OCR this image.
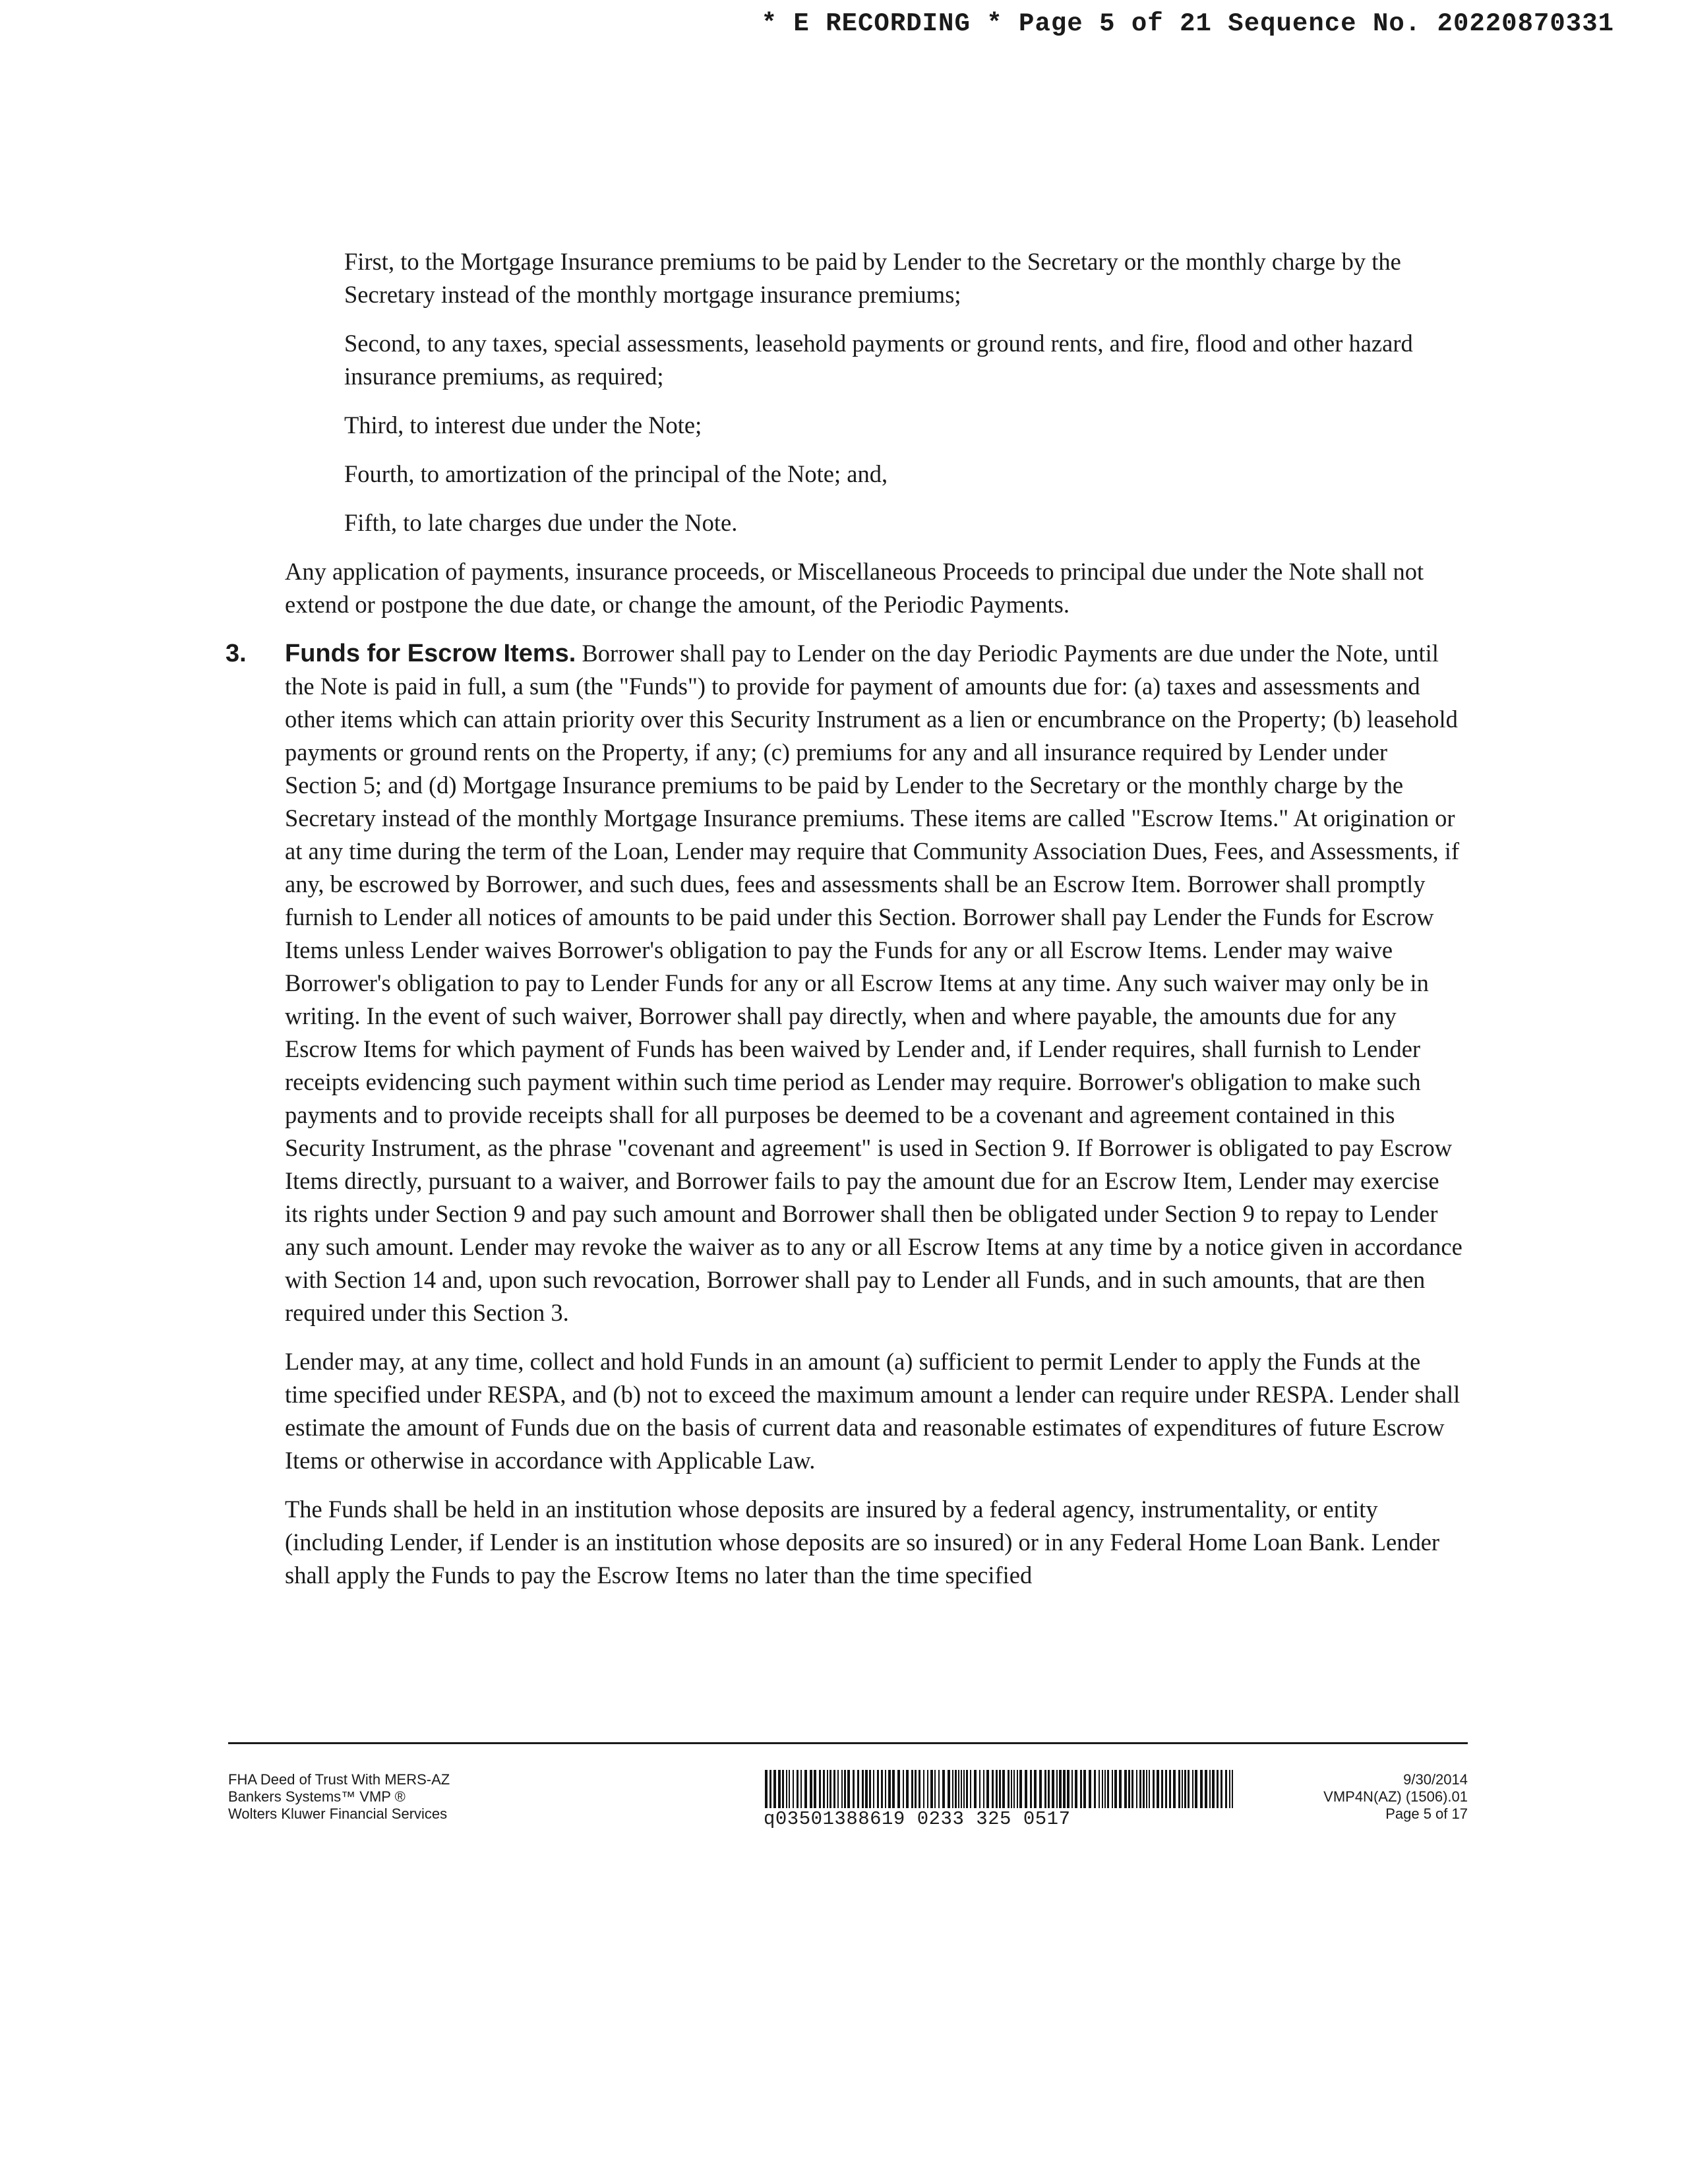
* E RECORDING * Page 5 of 21 Sequence No. 20220870331

First, to the Mortgage Insurance premiums to be paid by Lender to the Secretary or the monthly charge by the Secretary instead of the monthly mortgage insurance premiums;

Second, to any taxes, special assessments, leasehold payments or ground rents, and fire, flood and other hazard insurance premiums, as required;

Third, to interest due under the Note;

Fourth, to amortization of the principal of the Note; and,

Fifth, to late charges due under the Note.

Any application of payments, insurance proceeds, or Miscellaneous Proceeds to principal due under the Note shall not extend or postpone the due date, or change the amount, of the Periodic Payments.

3. Funds for Escrow Items. Borrower shall pay to Lender on the day Periodic Payments are due under the Note, until the Note is paid in full, a sum (the "Funds") to provide for payment of amounts due for: (a) taxes and assessments and other items which can attain priority over this Security Instrument as a lien or encumbrance on the Property; (b) leasehold payments or ground rents on the Property, if any; (c) premiums for any and all insurance required by Lender under Section 5; and (d) Mortgage Insurance premiums to be paid by Lender to the Secretary or the monthly charge by the Secretary instead of the monthly Mortgage Insurance premiums. These items are called "Escrow Items." At origination or at any time during the term of the Loan, Lender may require that Community Association Dues, Fees, and Assessments, if any, be escrowed by Borrower, and such dues, fees and assessments shall be an Escrow Item. Borrower shall promptly furnish to Lender all notices of amounts to be paid under this Section. Borrower shall pay Lender the Funds for Escrow Items unless Lender waives Borrower's obligation to pay the Funds for any or all Escrow Items. Lender may waive Borrower's obligation to pay to Lender Funds for any or all Escrow Items at any time. Any such waiver may only be in writing. In the event of such waiver, Borrower shall pay directly, when and where payable, the amounts due for any Escrow Items for which payment of Funds has been waived by Lender and, if Lender requires, shall furnish to Lender receipts evidencing such payment within such time period as Lender may require. Borrower's obligation to make such payments and to provide receipts shall for all purposes be deemed to be a covenant and agreement contained in this Security Instrument, as the phrase "covenant and agreement" is used in Section 9. If Borrower is obligated to pay Escrow Items directly, pursuant to a waiver, and Borrower fails to pay the amount due for an Escrow Item, Lender may exercise its rights under Section 9 and pay such amount and Borrower shall then be obligated under Section 9 to repay to Lender any such amount. Lender may revoke the waiver as to any or all Escrow Items at any time by a notice given in accordance with Section 14 and, upon such revocation, Borrower shall pay to Lender all Funds, and in such amounts, that are then required under this Section 3.

Lender may, at any time, collect and hold Funds in an amount (a) sufficient to permit Lender to apply the Funds at the time specified under RESPA, and (b) not to exceed the maximum amount a lender can require under RESPA. Lender shall estimate the amount of Funds due on the basis of current data and reasonable estimates of expenditures of future Escrow Items or otherwise in accordance with Applicable Law.

The Funds shall be held in an institution whose deposits are insured by a federal agency, instrumentality, or entity (including Lender, if Lender is an institution whose deposits are so insured) or in any Federal Home Loan Bank. Lender shall apply the Funds to pay the Escrow Items no later than the time specified

FHA Deed of Trust With MERS-AZ
Bankers Systems™ VMP ®
Wolters Kluwer Financial Services	q03501388619 0233 325 0517
9/30/2014
VMP4N(AZ) (1506).01
Page 5 of 17
